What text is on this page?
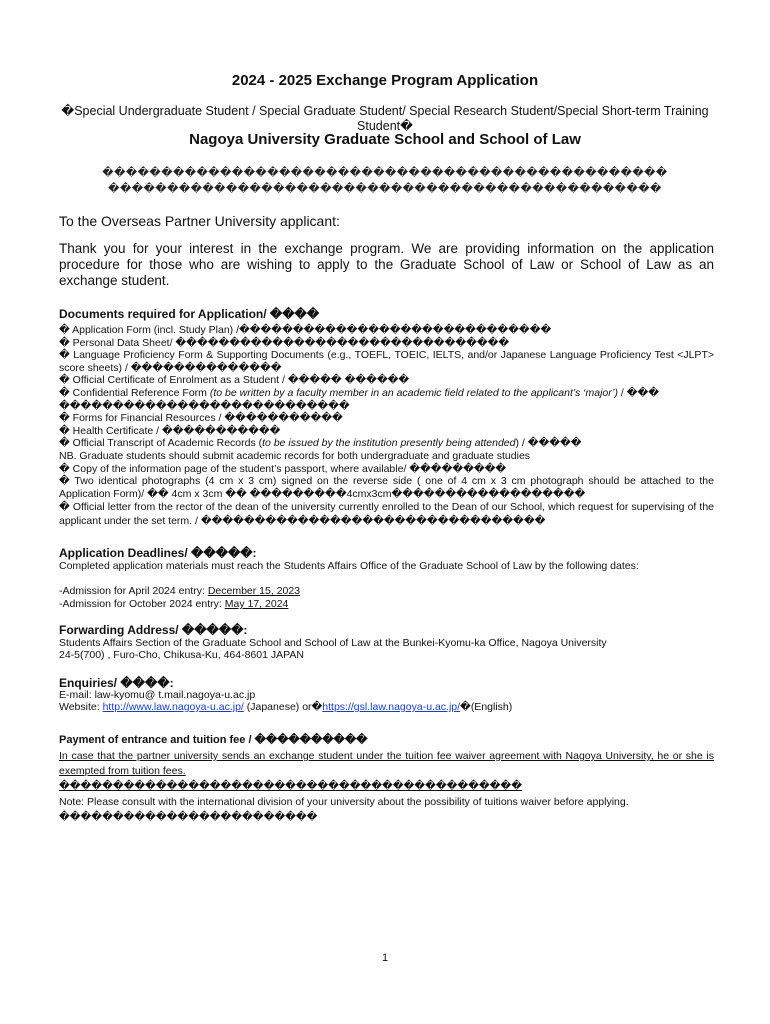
2024 - 2025 Exchange Program Application
�Special Undergraduate Student / Special Graduate Student/ Special Research Student/Special Short-term Training Student�
Nagoya University Graduate School and School of Law
������������������������������������������������
�����������������������������������������������
To the Overseas Partner University applicant:
Thank you for your interest in the exchange program. We are providing information on the application procedure for those who are wishing to apply to the Graduate School of Law or School of Law as an exchange student.
Documents required for Application/ ����
� Application Form (incl. Study Plan) /�����������������������������
� Personal Data Sheet/ �������������������������������
� Language Proficiency Form & Supporting Documents (e.g., TOEFL, TOEIC, IELTS, and/or Japanese Language Proficiency Test <JLPT> score sheets) / ��������������
� Official Certificate of Enrolment as a Student / ����� ������
� Confidential Reference Form (to be written by a faculty member in an academic field related to the applicant’s ‘major’) / ���
���������������������������
� Forms for Financial Resources / �����������
� Health Certificate / �����������
� Official Transcript of Academic Records (to be issued by the institution presently being attended) / �����
NB. Graduate students should submit academic records for both undergraduate and graduate studies
� Copy of the information page of the student’s passport, where available/ ���������
� Two identical photographs (4 cm x 3 cm) signed on the reverse side ( one of 4 cm x 3 cm photograph should be attached to the Application Form)/ �� 4cm x 3cm �� ���������4cmx3cm������������������
� Official letter from the rector of the dean of the university currently enrolled to the Dean of our School, which request for supervising of the applicant under the set term. / ��������������������������������
Application Deadlines/ �����:
Completed application materials must reach the Students Affairs Office of the Graduate School of Law by the following dates:
-Admission for April 2024 entry: December 15, 2023
-Admission for October 2024 entry: May 17, 2024
Forwarding Address/ �����:
Students Affairs Section of the Graduate School and School of Law at the Bunkei-Kyomu-ka Office, Nagoya University
24-5(700) , Furo-Cho, Chikusa-Ku, 464-8601 JAPAN
Enquiries/ ����:
E-mail: law-kyomu@ t.mail.nagoya-u.ac.jp
Website: http://www.law.nagoya-u.ac.jp/ (Japanese) or�https://gsl.law.nagoya-u.ac.jp/�(English)
Payment of entrance and tuition fee / ����������
In case that the partner university sends an exchange student under the tuition fee waiver agreement with Nagoya University, he or she is exempted from tuition fees.
�������������������������������������������
Note: Please consult with the international division of your university about the possibility of tuitions waiver before applying.
������������������������
1
